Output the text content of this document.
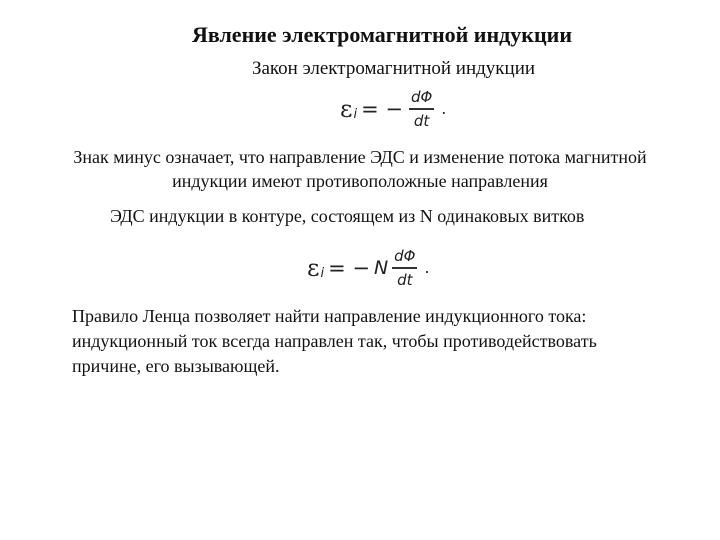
Явление электромагнитной индукции
Закон электромагнитной индукции
ε i = − $\frac{d\Phi}{dt}$ .
Знак минус означает, что направление ЭДС и изменение потока магнитной
индукции имеют противоположные направления
ЭДС индукции в контуре, состоящем из N одинаковых витков
ε i = − N $\frac{d\Phi}{dt}$ .
Правило Ленца позволяет найти направление индукционного тока:
индукционный ток всегда направлен так, чтобы противодействовать
причине, его вызывающей.
